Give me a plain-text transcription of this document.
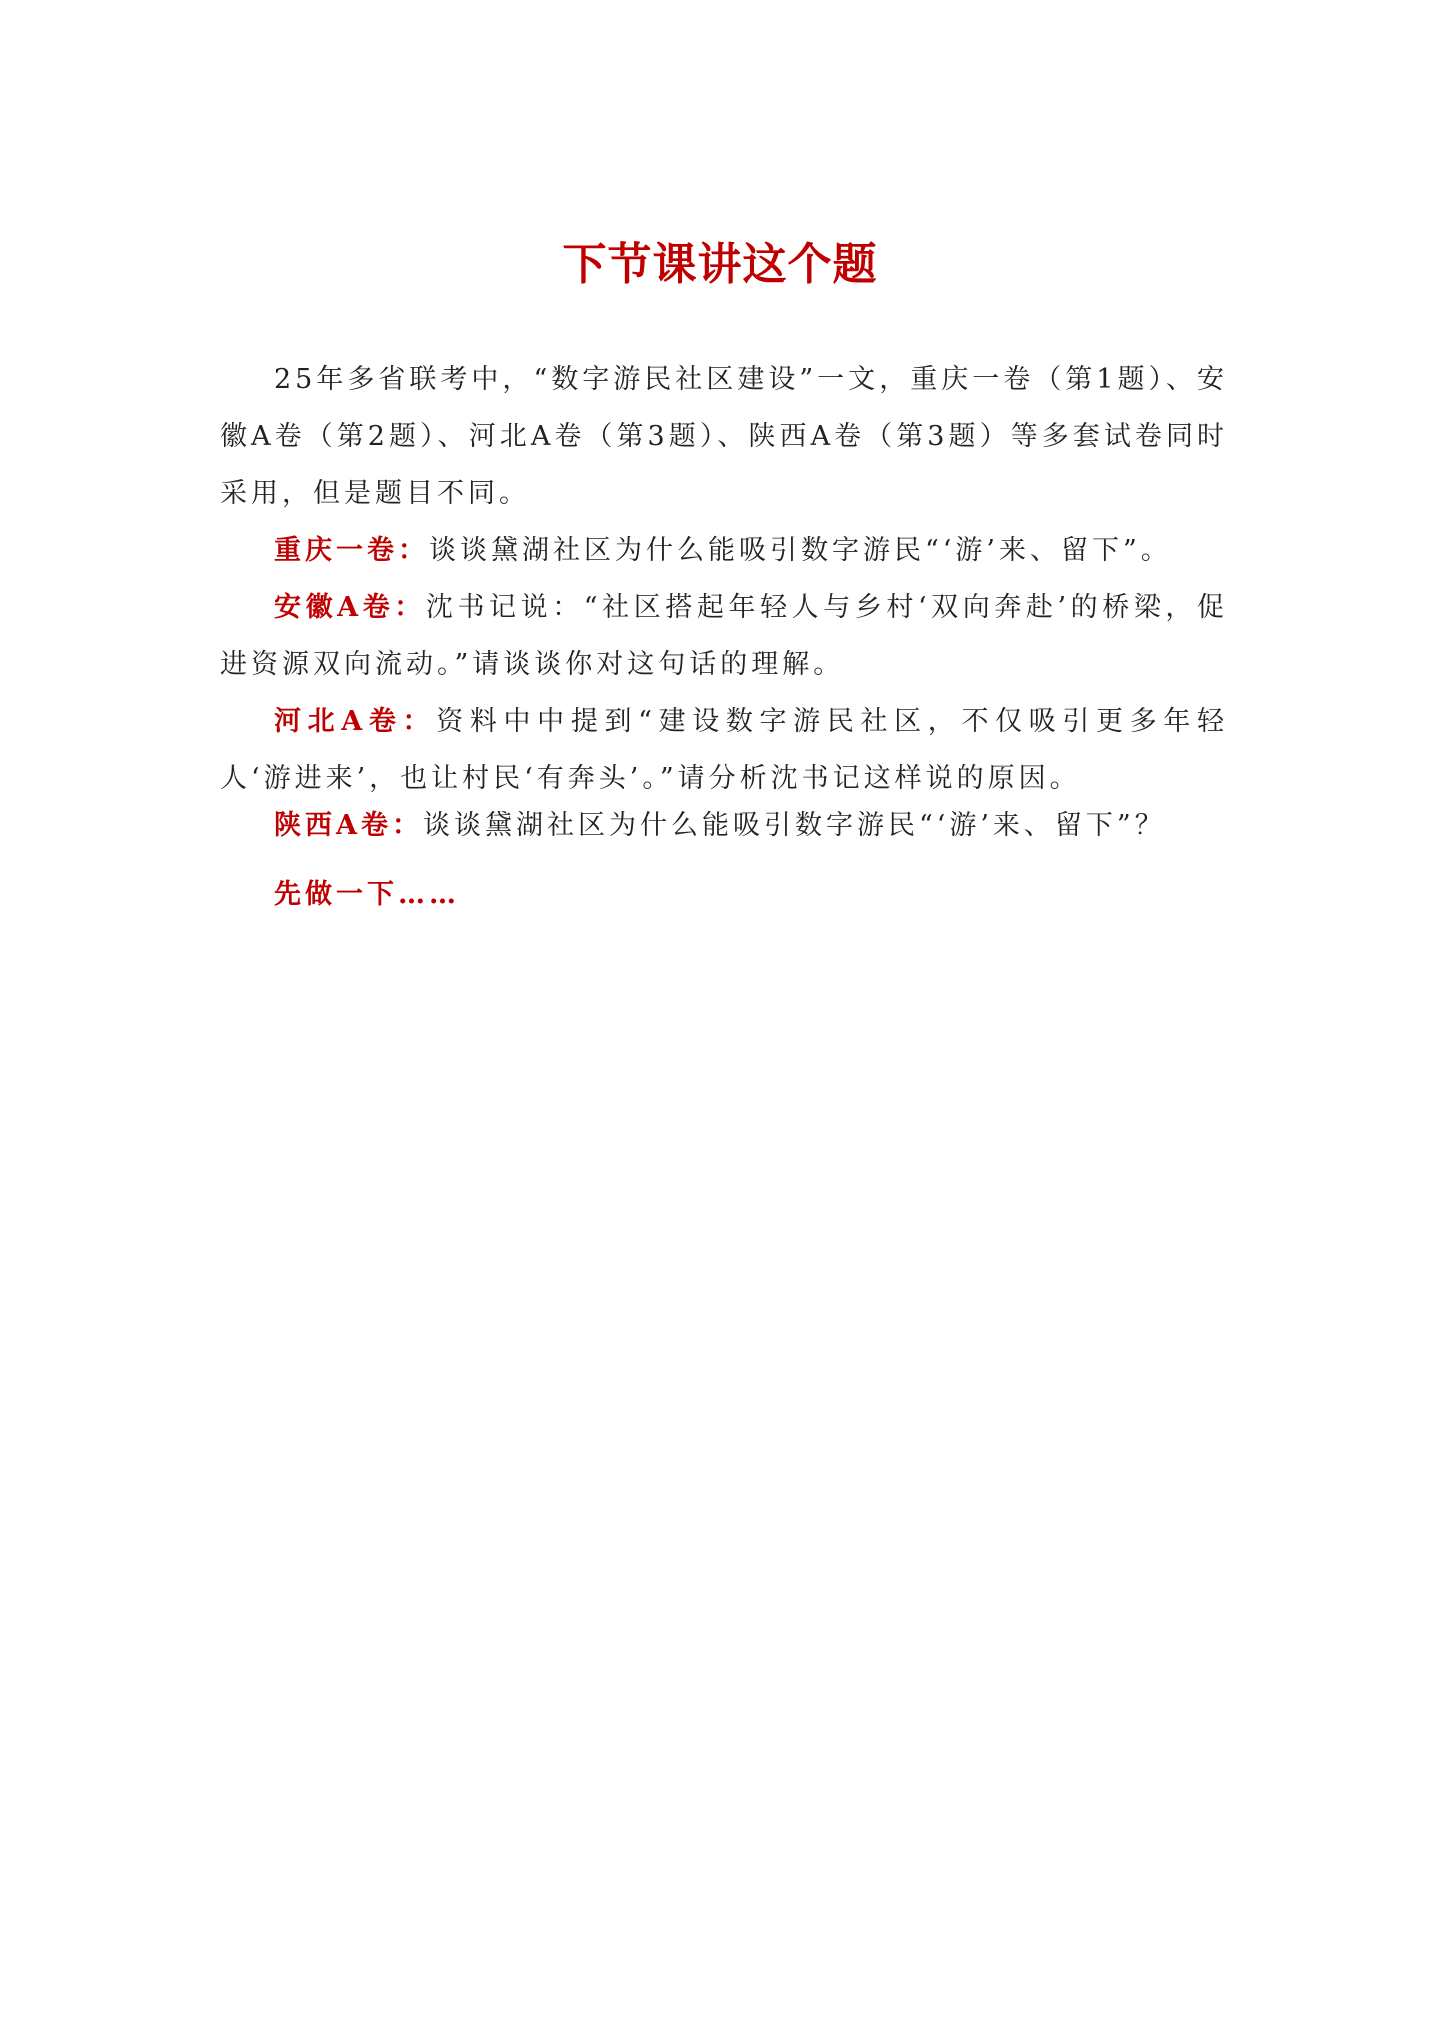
下节课讲这个题

25年多省联考中，“数字游民社区建设”一文，重庆一卷（第1题）、安徽A卷（第2题）、河北A卷（第3题）、陕西A卷（第3题）等多套试卷同时采用，但是题目不同。

重庆一卷：谈谈黛湖社区为什么能吸引数字游民“‘游’来、留下”。

安徽A卷：沈书记说：“社区搭起年轻人与乡村‘双向奔赴’的桥梁，促进资源双向流动。”请谈谈你对这句话的理解。

河北A卷：资料中中提到“建设数字游民社区，不仅吸引更多年轻人‘游进来’，也让村民‘有奔头’。”请分析沈书记这样说的原因。

陕西A卷：谈谈黛湖社区为什么能吸引数字游民“‘游’来、留下”？

先做一下……
